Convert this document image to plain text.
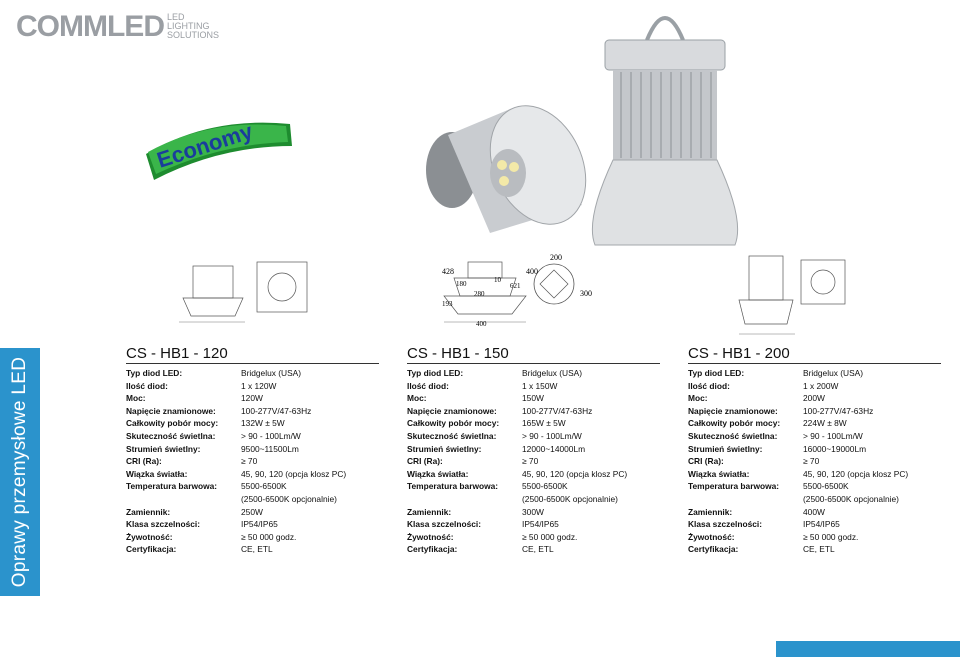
COMMLED LED
LIGHTING
SOLUTIONS
Economy
428
180
280
10
621
193
400
200
400
300
Oprawy przemysłowe LED
CS - HB1 - 120
Typ diod LED:	Bridgelux (USA)
Ilość diod:	1 x 120W
Moc:	120W
Napięcie znamionowe:	100-277V/47-63Hz
Całkowity pobór mocy:	132W ± 5W
Skuteczność świetlna:	> 90 - 100Lm/W
Strumień świetlny:	9500~11500Lm
CRI (Ra):	≥ 70
Wiązka światła:	45, 90, 120 (opcja klosz PC)
Temperatura barwowa:	5500-6500K
(2500-6500K opcjonalnie)
Zamiennik:	250W
Klasa szczelności:	IP54/IP65
Żywotność:	≥ 50 000 godz.
Certyfikacja:	CE, ETL
CS - HB1 - 150
Typ diod LED:	Bridgelux (USA)
Ilość diod:	1 x 150W
Moc:	150W
Napięcie znamionowe:	100-277V/47-63Hz
Całkowity pobór mocy:	165W ± 5W
Skuteczność świetlna:	> 90 - 100Lm/W
Strumień świetlny:	12000~14000Lm
CRI (Ra):	≥ 70
Wiązka światła:	45, 90, 120 (opcja klosz PC)
Temperatura barwowa:	5500-6500K
(2500-6500K opcjonalnie)
Zamiennik:	300W
Klasa szczelności:	IP54/IP65
Żywotność:	≥ 50 000 godz.
Certyfikacja:	CE, ETL
CS - HB1 - 200
Typ diod LED:	Bridgelux (USA)
Ilość diod:	1 x 200W
Moc:	200W
Napięcie znamionowe:	100-277V/47-63Hz
Całkowity pobór mocy:	224W ± 8W
Skuteczność świetlna:	> 90 - 100Lm/W
Strumień świetlny:	16000~19000Lm
CRI (Ra):	≥ 70
Wiązka światła:	45, 90, 120 (opcja klosz PC)
Temperatura barwowa:	5500-6500K
(2500-6500K opcjonalnie)
Zamiennik:	400W
Klasa szczelności:	IP54/IP65
Żywotność:	≥ 50 000 godz.
Certyfikacja:	CE, ETL
